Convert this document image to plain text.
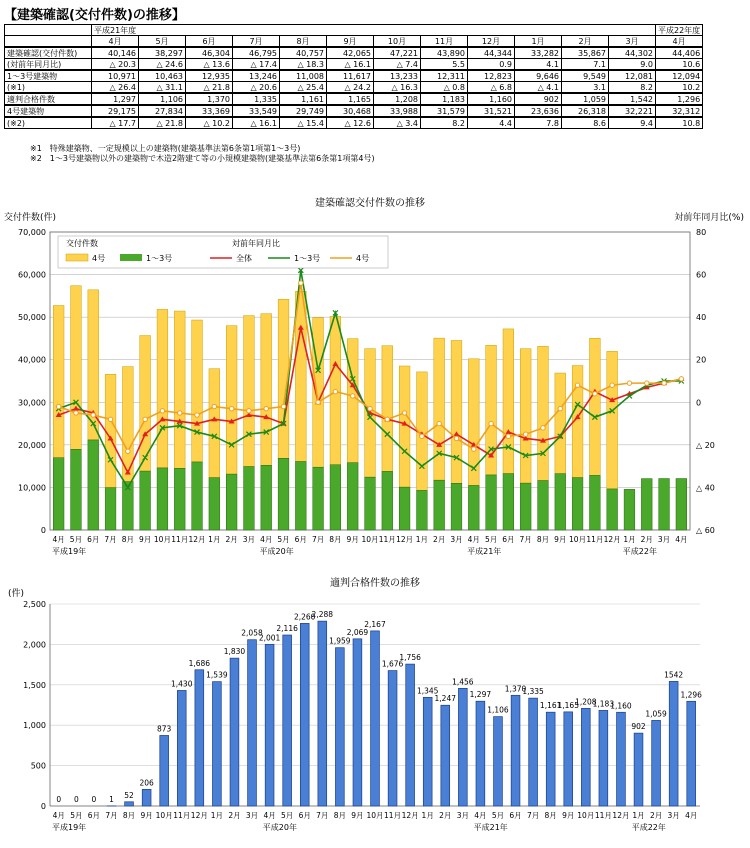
【建築確認(交付件数)の推移】
	平成21年度												平成22年度
	4月	5月	6月	7月	8月	9月	10月	11月	12月	1月	2月	3月	4月
建築確認(交付件数)	40,146	38,297	46,304	46,795	40,757	42,065	47,221	43,890	44,344	33,282	35,867	44,302	44,406
(対前年同月比)	△ 20.3	△ 24.6	△ 13.6	△ 17.4	△ 18.3	△ 16.1	△ 7.4	5.5	0.9	4.1	7.1	9.0	10.6
1～3号建築物	10,971	10,463	12,935	13,246	11,008	11,617	13,233	12,311	12,823	9,646	9,549	12,081	12,094
(※1)	△ 26.4	△ 31.1	△ 21.8	△ 20.6	△ 25.4	△ 24.2	△ 16.3	△ 0.8	△ 6.8	△ 4.1	3.1	8.2	10.2
適判合格件数	1,297	1,106	1,370	1,335	1,161	1,165	1,208	1,183	1,160	902	1,059	1,542	1,296
4号建築物	29,175	27,834	33,369	33,549	29,749	30,468	33,988	31,579	31,521	23,636	26,318	32,221	32,312
(※2)	△ 17.7	△ 21.8	△ 10.2	△ 16.1	△ 15.4	△ 12.6	△ 3.4	8.2	4.4	7.8	8.6	9.4	10.8
※1　特殊建築物、一定規模以上の建築物(建築基準法第6条第1項第1～3号)
※2　1～3号建築物以外の建築物で木造2階建て等の小規模建築物(建築基準法第6条第1項第4号)
建築確認交付件数の推移
交付件数(件)	対前年同月比(%)
0
10,000
20,000
30,000
40,000
50,000
60,000
70,000
△ 60
△ 40
△ 20
0
20
40
60
80
4月 5月 6月 7月 8月 9月 10月 11月 12月 1月 2月 3月 4月 5月 6月 7月 8月 9月 10月 11月 12月 1月 2月 3月 4月 5月 6月 7月 8月 9月 10月 11月 12月 1月 2月 3月 4月
平成19年	平成20年	平成21年	平成22年
交付件数	対前年同月比
4号	1～3号	全体	1～3号	4号
適判合格件数の推移
(件)
0
500
1,000
1,500
2,000
2,500
0
4月
0
5月
0
6月
1
7月
52
8月
206
9月
873
10月
1,430
11月
1,686
12月
1,539
1月
1,830
2月
2,058
3月
2,001
4月
2,116
5月
2,260
6月
2,288
7月
1,959
8月
2,069
9月
2,167
10月
1,676
11月
1,756
12月
1,345
1月
1,247
2月
1,456
3月
1,297
4月
1,106
5月
1,370
6月
1,335
7月
1,161
8月
1,165
9月
1,208
10月
1,183
11月
1,160
12月
902
1月
1,059
2月
1542
3月
1,296
4月
平成19年	平成20年	平成21年	平成22年
